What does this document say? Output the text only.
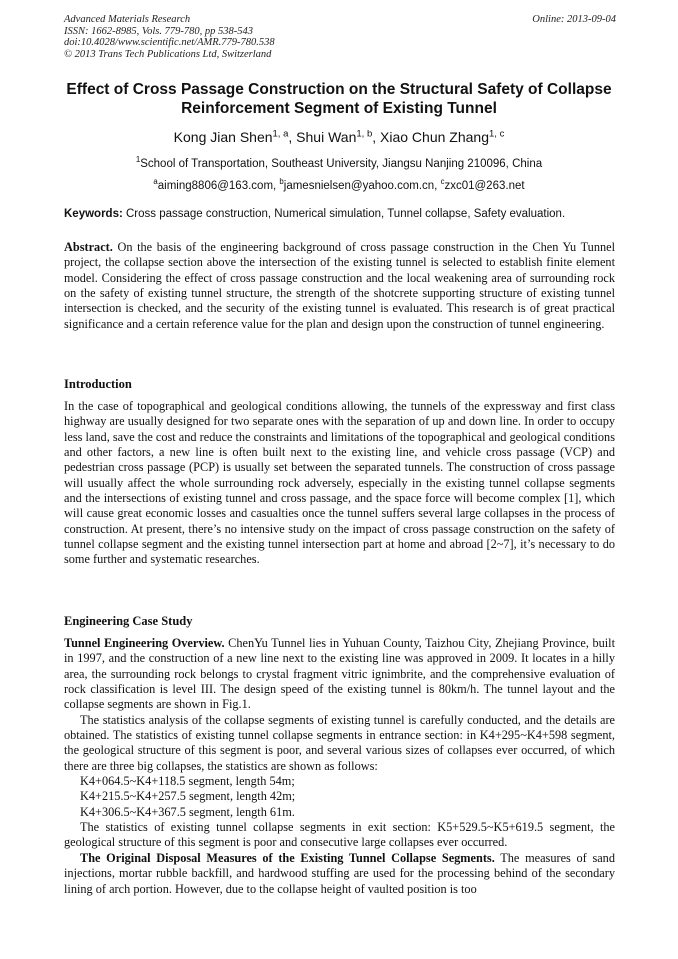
Advanced Materials Research
ISSN: 1662-8985, Vols. 779-780, pp 538-543
doi:10.4028/www.scientific.net/AMR.779-780.538
© 2013 Trans Tech Publications Ltd, Switzerland
Online: 2013-09-04
Effect of Cross Passage Construction on the Structural Safety of Collapse Reinforcement Segment of Existing Tunnel
Kong Jian Shen$^{1, a}$, Shui Wan$^{1, b}$, Xiao Chun Zhang$^{1, c}$
$^1$School of Transportation, Southeast University, Jiangsu Nanjing 210096, China
$^a$aiming8806@163.com, $^b$jamesnielsen@yahoo.com.cn, $^c$zxc01@263.net
Keywords: Cross passage construction, Numerical simulation, Tunnel collapse, Safety evaluation.

Abstract. On the basis of the engineering background of cross passage construction in the Chen Yu Tunnel project, the collapse section above the intersection of the existing tunnel is selected to establish finite element model. Considering the effect of cross passage construction and the local weakening area of surrounding rock on the safety of existing tunnel structure, the strength of the shotcrete supporting structure of existing tunnel intersection is checked, and the security of the existing tunnel is evaluated. This research is of great practical significance and a certain reference value for the plan and design upon the construction of tunnel engineering.

Introduction

In the case of topographical and geological conditions allowing, the tunnels of the expressway and first class highway are usually designed for two separate ones with the separation of up and down line. In order to occupy less land, save the cost and reduce the constraints and limitations of the topographical and geological conditions and other factors, a new line is often built next to the existing line, and vehicle cross passage (VCP) and pedestrian cross passage (PCP) is usually set between the separated tunnels. The construction of cross passage will usually affect the whole surrounding rock adversely, especially in the existing tunnel collapse segments and the intersections of existing tunnel and cross passage, and the space force will become complex [1], which will cause great economic losses and casualties once the tunnel suffers several large collapses in the process of construction. At present, there’s no intensive study on the impact of cross passage construction on the safety of tunnel collapse segment and the existing tunnel intersection part at home and abroad [2~7], it’s necessary to do some further and systematic researches.

Engineering Case Study

Tunnel Engineering Overview. ChenYu Tunnel lies in Yuhuan County, Taizhou City, Zhejiang Province, built in 1997, and the construction of a new line next to the existing line was approved in 2009. It locates in a hilly area, the surrounding rock belongs to crystal fragment vitric ignimbrite, and the comprehensive evaluation of rock classification is level III. The design speed of the existing tunnel is 80km/h. The tunnel layout and the collapse segments are shown in Fig.1.

The statistics analysis of the collapse segments of existing tunnel is carefully conducted, and the details are obtained. The statistics of existing tunnel collapse segments in entrance section: in K4+295~K4+598 segment, the geological structure of this segment is poor, and several various sizes of collapses ever occurred, of which there are three big collapses, the statistics are shown as follows:

K4+064.5~K4+118.5 segment, length 54m;

K4+215.5~K4+257.5 segment, length 42m;

K4+306.5~K4+367.5 segment, length 61m.

The statistics of existing tunnel collapse segments in exit section: K5+529.5~K5+619.5 segment, the geological structure of this segment is poor and consecutive large collapses ever occurred.

The Original Disposal Measures of the Existing Tunnel Collapse Segments. The measures of sand injections, mortar rubble backfill, and hardwood stuffing are used for the processing behind of the secondary lining of arch portion. However, due to the collapse height of vaulted position is too
